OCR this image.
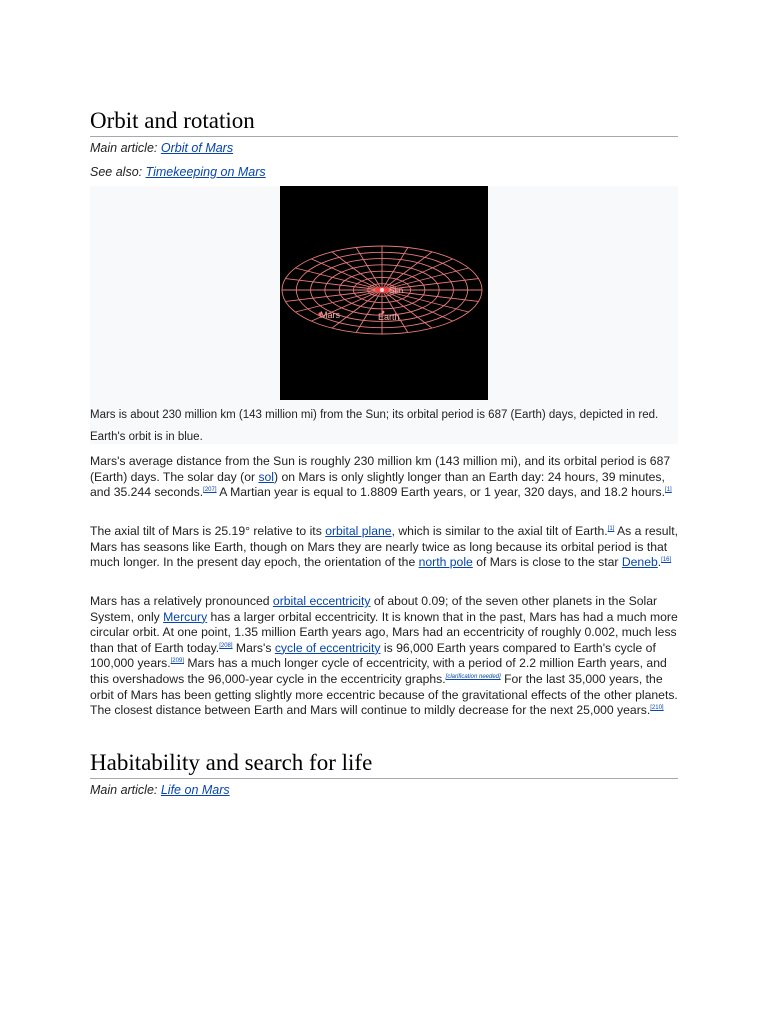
Orbit and rotation
Main article: Orbit of Mars
See also: Timekeeping on Mars
Mars	Earth
Sun
Mars is about 230 million km (143 million mi) from the Sun; its orbital period is 687 (Earth) days, depicted in red. Earth's orbit is in blue.

Mars's average distance from the Sun is roughly 230 million km (143 million mi), and its orbital period is 687 (Earth) days. The solar day (or sol) on Mars is only slightly longer than an Earth day: 24 hours, 39 minutes, and 35.244 seconds.[207] A Martian year is equal to 1.8809 Earth years, or 1 year, 320 days, and 18.2 hours.[1]

The axial tilt of Mars is 25.19° relative to its orbital plane, which is similar to the axial tilt of Earth.[1] As a result, Mars has seasons like Earth, though on Mars they are nearly twice as long because its orbital period is that much longer. In the present day epoch, the orientation of the north pole of Mars is close to the star Deneb.[16]

Mars has a relatively pronounced orbital eccentricity of about 0.09; of the seven other planets in the Solar System, only Mercury has a larger orbital eccentricity. It is known that in the past, Mars has had a much more circular orbit. At one point, 1.35 million Earth years ago, Mars had an eccentricity of roughly 0.002, much less than that of Earth today.[208] Mars's cycle of eccentricity is 96,000 Earth years compared to Earth's cycle of 100,000 years.[209] Mars has a much longer cycle of eccentricity, with a period of 2.2 million Earth years, and this overshadows the 96,000-year cycle in the eccentricity graphs.[clarification needed] For the last 35,000 years, the orbit of Mars has been getting slightly more eccentric because of the gravitational effects of the other planets. The closest distance between Earth and Mars will continue to mildly decrease for the next 25,000 years.[210]

Habitability and search for life
Main article: Life on Mars
